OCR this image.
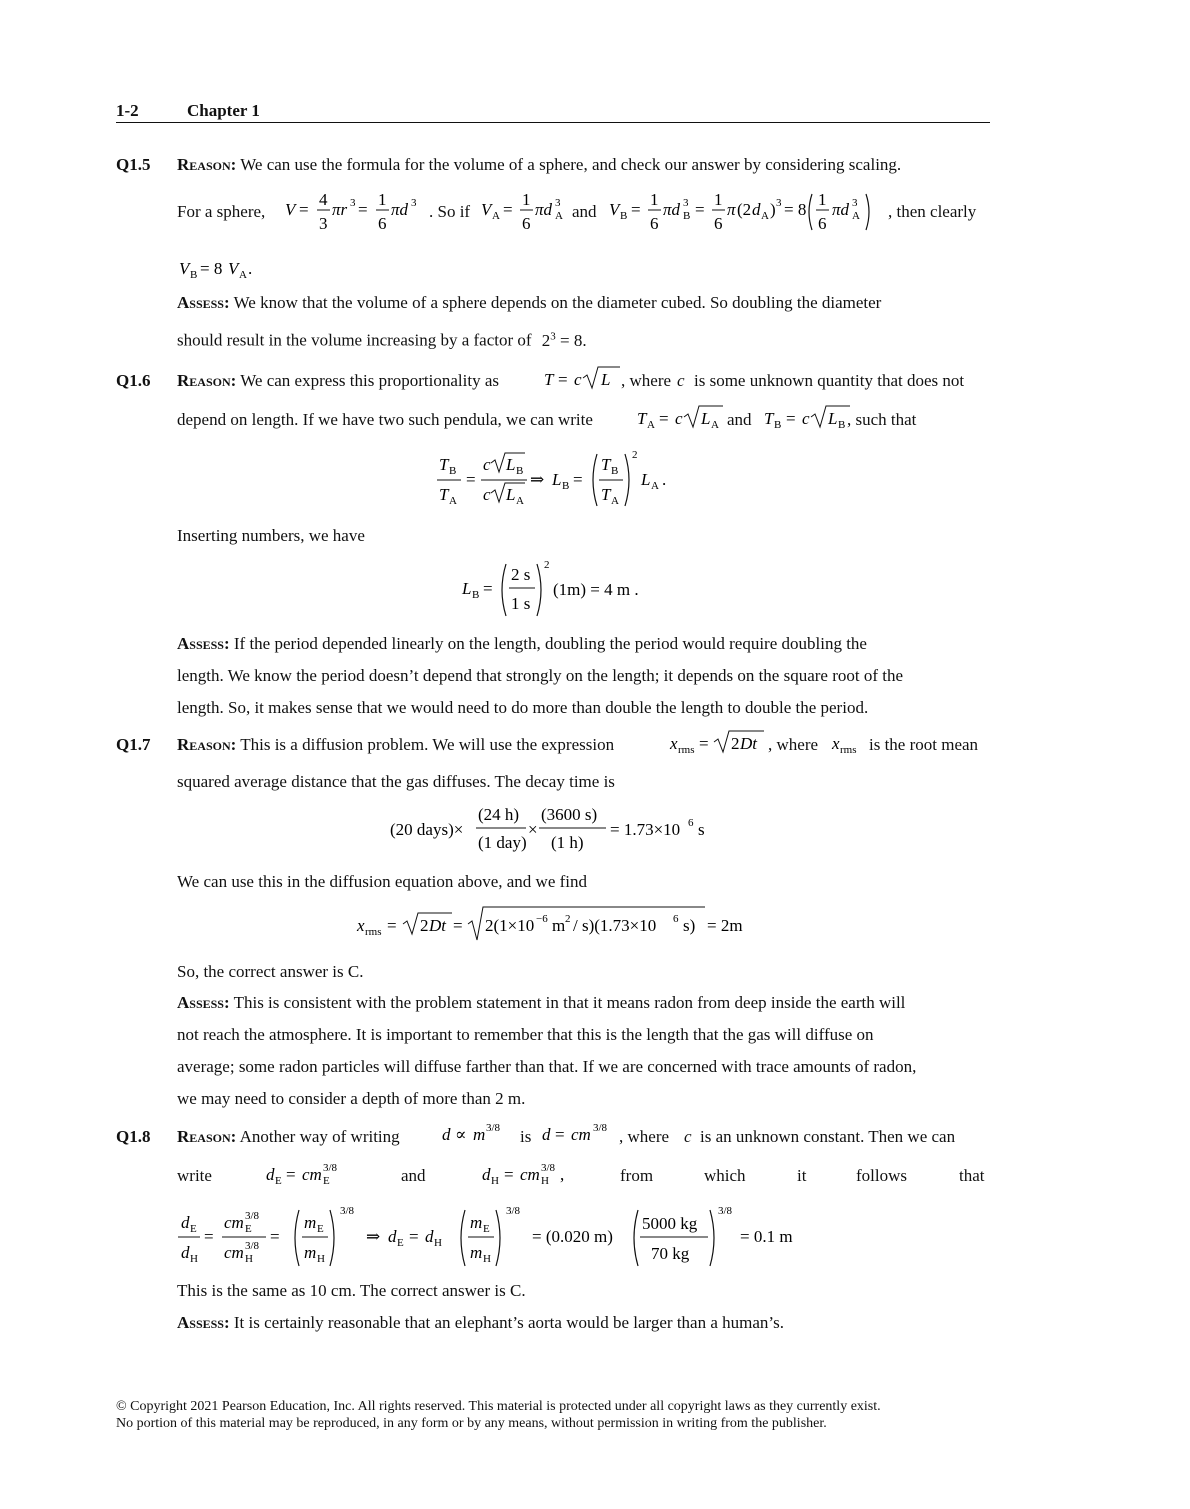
1-2	Chapter 1
Q1.5 Reason: We can use the formula for the volume of a sphere, and check our answer by considering scaling.
For a sphere, V =
4
3
πr 3 =
1
6
πd 3 . So if V A =
1
6
πd 3
A and V B =
1
6
πd 3
B =
1
6
π (2 d A ) 3 = 8
1
6
πd 3
A , then clearly
V B = 8 V A .
Assess: We know that the volume of a sphere depends on the diameter cubed. So doubling the diameter
should result in the volume increasing by a factor of $2^3 = 8$.
Q1.6 Reason: We can express this proportionality as	T = c L , where c is some unknown quantity that does not
depend on length. If we have two such pendula, we can write	T A = c L A and T B = c L B , such that
T B
T A
=
c L B
c L A
⇒ L B =
T B
T A
2
L A .
Inserting numbers, we have
L B =
2 s
1 s
2
(1m) = 4 m .
Assess: If the period depended linearly on the length, doubling the period would require doubling the
length. We know the period doesn’t depend that strongly on the length; it depends on the square root of the
length. So, it makes sense that we would need to do more than double the length to double the period.
Q1.7 Reason: This is a diffusion problem. We will use the expression	x rms = 2 Dt , where x rms is the root mean
squared average distance that the gas diffuses. The decay time is
(20 days)×
(24 h)
(1 day)
×
(3600 s)
(1 h)
= 1.73×10 6 s
We can use this in the diffusion equation above, and we find
x rms = 2 Dt = 2(1×10 −6 m 2 / s)(1.73×10 6 s) = 2m
So, the correct answer is C.
Assess: This is consistent with the problem statement in that it means radon from deep inside the earth will
not reach the atmosphere. It is important to remember that this is the length that the gas will diffuse on
average; some radon particles will diffuse farther than that. If we are concerned with trace amounts of radon,
we may need to consider a depth of more than 2 m.
Q1.8 Reason: Another way of writing d ∝ m 3/8 is d = cm 3/8 , where c is an unknown constant. Then we can
write	d E = cm 3/8
E	and	d H = cm 3/8
H ,	from	which	it	follows	that
d E
d H
=
cm 3/8
E
cm 3/8
H
=
m E
m H
3/8
⇒ d E = d H
m E
m H
3/8
= (0.020 m)
5000 kg
70 kg
3/8
= 0.1 m
This is the same as 10 cm. The correct answer is C.
Assess: It is certainly reasonable that an elephant’s aorta would be larger than a human’s.
© Copyright 2021 Pearson Education, Inc. All rights reserved. This material is protected under all copyright laws as they currently exist.
No portion of this material may be reproduced, in any form or by any means, without permission in writing from the publisher.
